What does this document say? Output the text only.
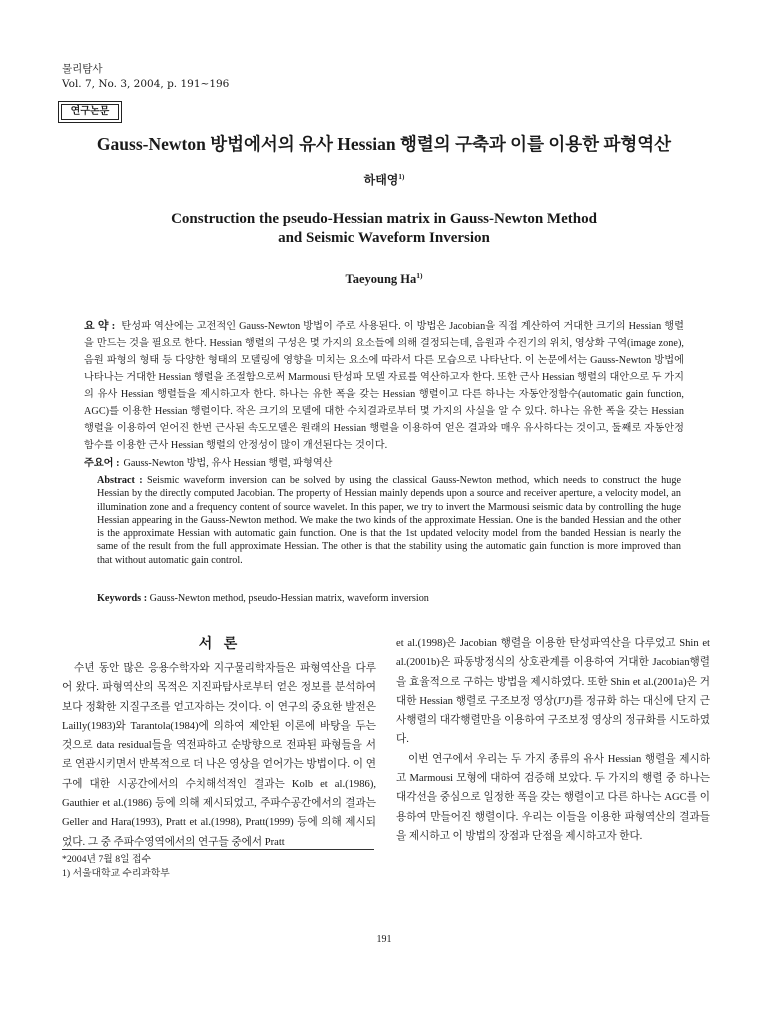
물리탐사
Vol. 7, No. 3, 2004, p. 191~196
연구논문
Gauss-Newton 방법에서의 유사 Hessian 행렬의 구축과 이를 이용한 파형역산
하태영$^{1)}$
Construction the pseudo-Hessian matrix in Gauss-Newton Method
and Seismic Waveform Inversion
Taeyoung Ha$^{1)}$
요 약 : 탄성파 역산에는 고전적인 Gauss-Newton 방법이 주로 사용된다. 이 방법은 Jacobian을 직접 계산하여 거대한 크기의 Hessian 행렬을 만드는 것을 필요로 한다. Hessian 행렬의 구성은 몇 가지의 요소들에 의해 결정되는데, 음원과 수진기의 위치, 영상화 구역(image zone), 음원 파형의 형태 등 다양한 형태의 모델링에 영향을 미치는 요소에 따라서 다른 모습으로 나타난다. 이 논문에서는 Gauss-Newton 방법에 나타나는 거대한 Hessian 행렬을 조절함으로써 Marmousi 탄성파 모델 자료를 역산하고자 한다. 또한 근사 Hessian 행렬의 대안으로 두 가지의 유사 Hessian 행렬들을 제시하고자 한다. 하나는 유한 폭을 갖는 Hessian 행렬이고 다른 하나는 자동안정함수(automatic gain function, AGC)를 이용한 Hessian 행렬이다. 작은 크기의 모델에 대한 수치결과로부터 몇 가지의 사실을 알 수 있다. 하나는 유한 폭을 갖는 Hessian 행렬을 이용하여 얻어진 한번 근사된 속도모델은 원래의 Hessian 행렬을 이용하여 얻은 결과와 매우 유사하다는 것이고, 둘째로 자동안정함수를 이용한 근사 Hessian 행렬의 안정성이 많이 개선된다는 것이다.
주요어 : Gauss-Newton 방법, 유사 Hessian 행렬, 파형역산
Abstract : Seismic waveform inversion can be solved by using the classical Gauss-Newton method, which needs to construct the huge Hessian by the directly computed Jacobian. The property of Hessian mainly depends upon a source and receiver aperture, a velocity model, an illumination zone and a frequency content of source wavelet. In this paper, we try to invert the Marmousi seismic data by controlling the huge Hessian appearing in the Gauss-Newton method. We make the two kinds of the approximate Hessian. One is the banded Hessian and the other is the approximate Hessian with automatic gain function. One is that the 1st updated velocity model from the banded Hessian is nearly the same of the result from the full approximate Hessian. The other is that the stability using the automatic gain function is more improved than that without automatic gain control.
Keywords : Gauss-Newton method, pseudo-Hessian matrix, waveform inversion
서 론
수년 동안 많은 응용수학자와 지구물리학자들은 파형역산을 다루어 왔다. 파형역산의 목적은 지진파탐사로부터 얻은 정보를 분석하여 보다 정확한 지질구조를 얻고자하는 것이다. 이 연구의 중요한 발전은 Lailly(1983)와 Tarantola(1984)에 의하여 제안된 이론에 바탕을 두는 것으로 data residual들을 역전파하고 순방향으로 전파된 파형들을 서로 연관시키면서 반복적으로 더 나은 영상을 얻어가는 방법이다. 이 연구에 대한 시공간에서의 수치해석적인 결과는 Kolb et al.(1986), Gauthier et al.(1986) 등에 의해 제시되었고, 주파수공간에서의 결과는 Geller and Hara(1993), Pratt et al.(1998), Pratt(1999) 등에 의해 제시되었다. 그 중 주파수영역에서의 연구들 중에서 Pratt

et al.(1998)은 Jacobian 행렬을 이용한 탄성파역산을 다루었고 Shin et al.(2001b)은 파동방정식의 상호관계를 이용하여 거대한 Jacobian행렬을 효율적으로 구하는 방법을 제시하였다. 또한 Shin et al.(2001a)은 거대한 Hessian 행렬로 구조보정 영상(JᵀJ)를 정규화 하는 대신에 단지 근사행렬의 대각행렬만을 이용하여 구조보정 영상의 정규화를 시도하였다.

이번 연구에서 우리는 두 가지 종류의 유사 Hessian 행렬을 제시하고 Marmousi 모형에 대하여 검증해 보았다. 두 가지의 행렬 중 하나는 대각선을 중심으로 일정한 폭을 갖는 행렬이고 다른 하나는 AGC를 이용하여 만들어진 행렬이다. 우리는 이들을 이용한 파형역산의 결과들을 제시하고 이 방법의 장점과 단점을 제시하고자 한다.

*2004년 7월 8일 접수
1) 서울대학교 수리과학부
191
